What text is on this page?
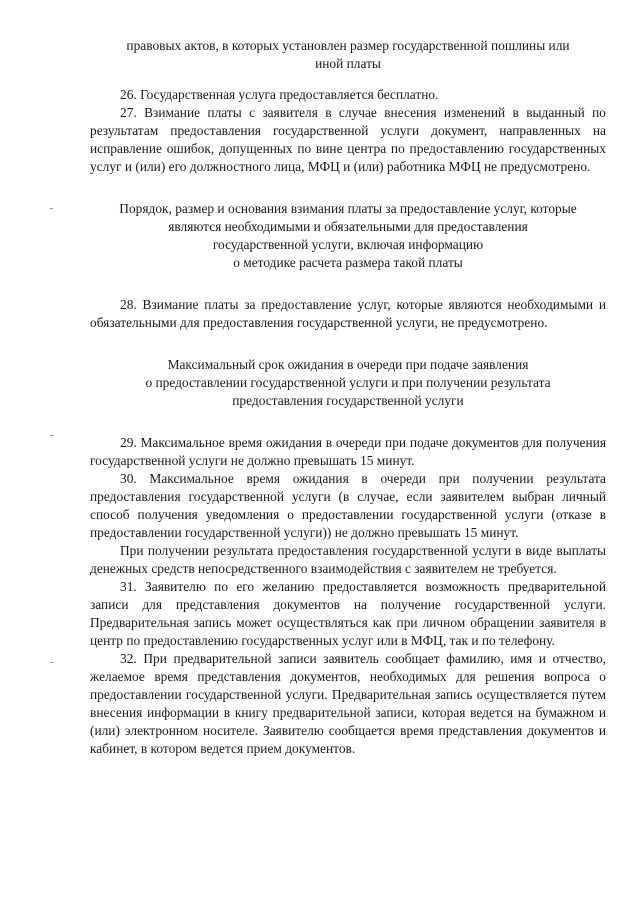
правовых актов, в которых установлен размер государственной пошлины или
иной платы

26. Государственная услуга предоставляется бесплатно.

27. Взимание платы с заявителя в случае внесения изменений в выданный по результатам предоставления государственной услуги документ, направленных на исправление ошибок, допущенных по вине центра по предоставлению государственных услуг и (или) его должностного лица, МФЦ и (или) работника МФЦ не предусмотрено.

Порядок, размер и основания взимания платы за предоставление услуг, которые
являются необходимыми и обязательными для предоставления
государственной услуги, включая информацию
о методике расчета размера такой платы

28. Взимание платы за предоставление услуг, которые являются необходимыми и обязательными для предоставления государственной услуги, не предусмотрено.

Максимальный срок ожидания в очереди при подаче заявления
о предоставлении государственной услуги и при получении результата
предоставления государственной услуги

29. Максимальное время ожидания в очереди при подаче документов для получения государственной услуги не должно превышать 15 минут.

30. Максимальное время ожидания в очереди при получении результата предоставления государственной услуги (в случае, если заявителем выбран личный способ получения уведомления о предоставлении государственной услуги (отказе в предоставлении государственной услуги)) не должно превышать 15 минут.

При получении результата предоставления государственной услуги в виде выплаты денежных средств непосредственного взаимодействия с заявителем не требуется.

31. Заявителю по его желанию предоставляется возможность предварительной записи для представления документов на получение государственной услуги. Предварительная запись может осуществляться как при личном обращении заявителя в центр по предоставлению государственных услуг или в МФЦ, так и по телефону.

32. При предварительной записи заявитель сообщает фамилию, имя и отчество, желаемое время представления документов, необходимых для решения вопроса о предоставлении государственной услуги. Предварительная запись осуществляется путем внесения информации в книгу предварительной записи, которая ведется на бумажном и (или) электронном носителе. Заявителю сообщается время представления документов и кабинет, в котором ведется прием документов.
